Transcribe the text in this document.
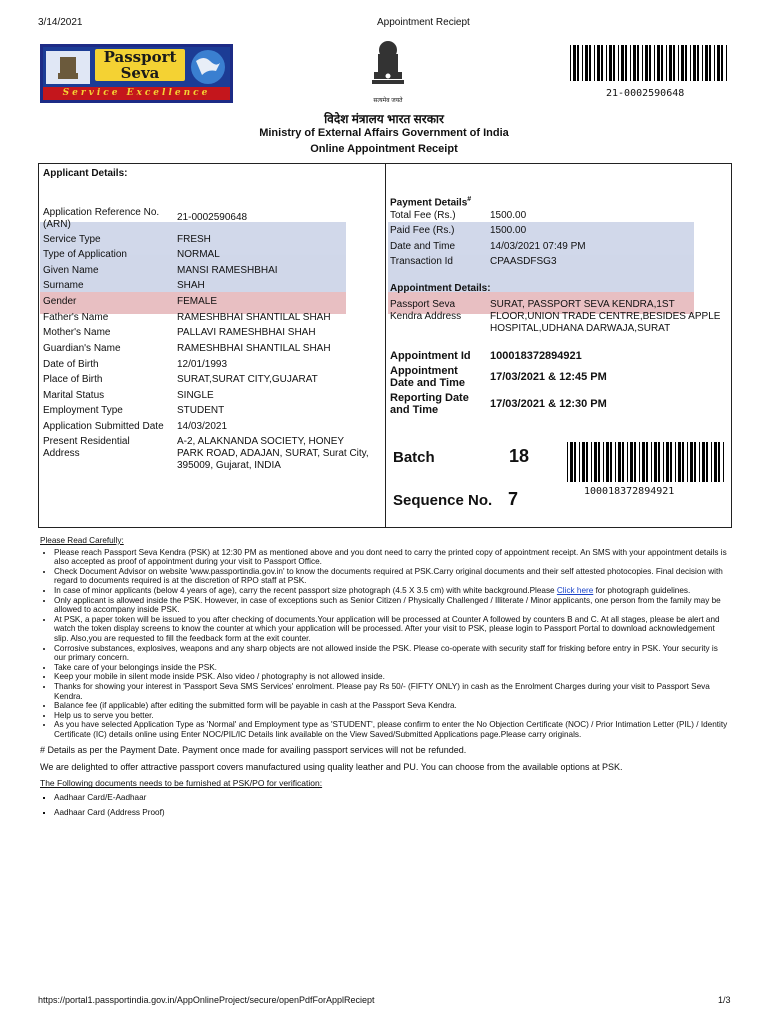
3/14/2021	Appointment Reciept
Passport
Seva
Service Excellence
सत्यमेव जयते
21-0002590648
विदेश मंत्रालय भारत सरकार
Ministry of External Affairs Government of India
Online Appointment Receipt
Applicant Details:
Application Reference No. (ARN)
21-0002590648
Service Type	FRESH
Type of Application	NORMAL
Given Name	MANSI RAMESHBHAI
Surname	SHAH
Gender	FEMALE
Father's Name	RAMESHBHAI SHANTILAL SHAH
Mother's Name	PALLAVI RAMESHBHAI SHAH
Guardian's Name	RAMESHBHAI SHANTILAL SHAH
Date of Birth	12/01/1993
Place of Birth	SURAT,SURAT CITY,GUJARAT
Marital Status	SINGLE
Employment Type	STUDENT
Application Submitted Date 14/03/2021
Present Residential Address
A-2, ALAKNANDA SOCIETY, HONEY PARK ROAD, ADAJAN, SURAT, Surat City, 395009, Gujarat, INDIA
Payment Details#
Total Fee (Rs.)	1500.00
Paid Fee (Rs.)	1500.00
Date and Time	14/03/2021 07:49 PM
Transaction Id	CPAASDFSG3
Appointment Details:
Passport Seva Kendra Address
SURAT, PASSPORT SEVA KENDRA,1ST FLOOR,UNION TRADE CENTRE,BESIDES APPLE HOSPITAL,UDHANA DARWAJA,SURAT
Appointment Id 100018372894921
Appointment Date and Time	17/03/2021 & 12:45 PM
Reporting Date and Time	17/03/2021 & 12:30 PM
Batch	18
Sequence No. 7	100018372894921
Please Read Carefully:
• Please reach Passport Seva Kendra (PSK) at 12:30 PM as mentioned above and you dont need to carry the printed copy of appointment receipt. An SMS with your appointment details is also accepted as proof of appointment during your visit to Passport Office.
• Check Document Advisor on website 'www.passportindia.gov.in' to know the documents required at PSK.Carry original documents and their self attested photocopies. Final decision with regard to documents required is at the discretion of RPO staff at PSK.
• In case of minor applicants (below 4 years of age), carry the recent passport size photograph (4.5 X 3.5 cm) with white background.Please Click here for photograph guidelines.
• Only applicant is allowed inside the PSK. However, in case of exceptions such as Senior Citizen / Physically Challenged / Illiterate / Minor applicants, one person from the family may be allowed to accompany inside PSK.
• At PSK, a paper token will be issued to you after checking of documents.Your application will be processed at Counter A followed by counters B and C. At all stages, please be alert and watch the token display screens to know the counter at which your application will be processed. After your visit to PSK, please login to Passport Portal to download acknowledgement slip. Also,you are requested to fill the feedback form at the exit counter.
• Corrosive substances, explosives, weapons and any sharp objects are not allowed inside the PSK. Please co-operate with security staff for frisking before entry in PSK. Your security is our primary concern.
• Take care of your belongings inside the PSK.
• Keep your mobile in silent mode inside PSK. Also video / photography is not allowed inside.
• Thanks for showing your interest in 'Passport Seva SMS Services' enrolment. Please pay Rs 50/- (FIFTY ONLY) in cash as the Enrolment Charges during your visit to Passport Seva Kendra.
• Balance fee (if applicable) after editing the submitted form will be payable in cash at the Passport Seva Kendra.
• Help us to serve you better.
• As you have selected Application Type as 'Normal' and Employment type as 'STUDENT', please confirm to enter the No Objection Certificate (NOC) / Prior Intimation Letter (PIL) / Identity Certificate (IC) details online using Enter NOC/PIL/IC Details link available on the View Saved/Submitted Applications page.Please carry originals.
# Details as per the Payment Date. Payment once made for availing passport services will not be refunded.
We are delighted to offer attractive passport covers manufactured using quality leather and PU. You can choose from the available options at PSK.
The Following documents needs to be furnished at PSK/PO for verification:
▪ Aadhaar Card/E-Aadhaar
▪ Aadhaar Card (Address Proof)
https://portal1.passportindia.gov.in/AppOnlineProject/secure/openPdfForApplReciept	1/3
